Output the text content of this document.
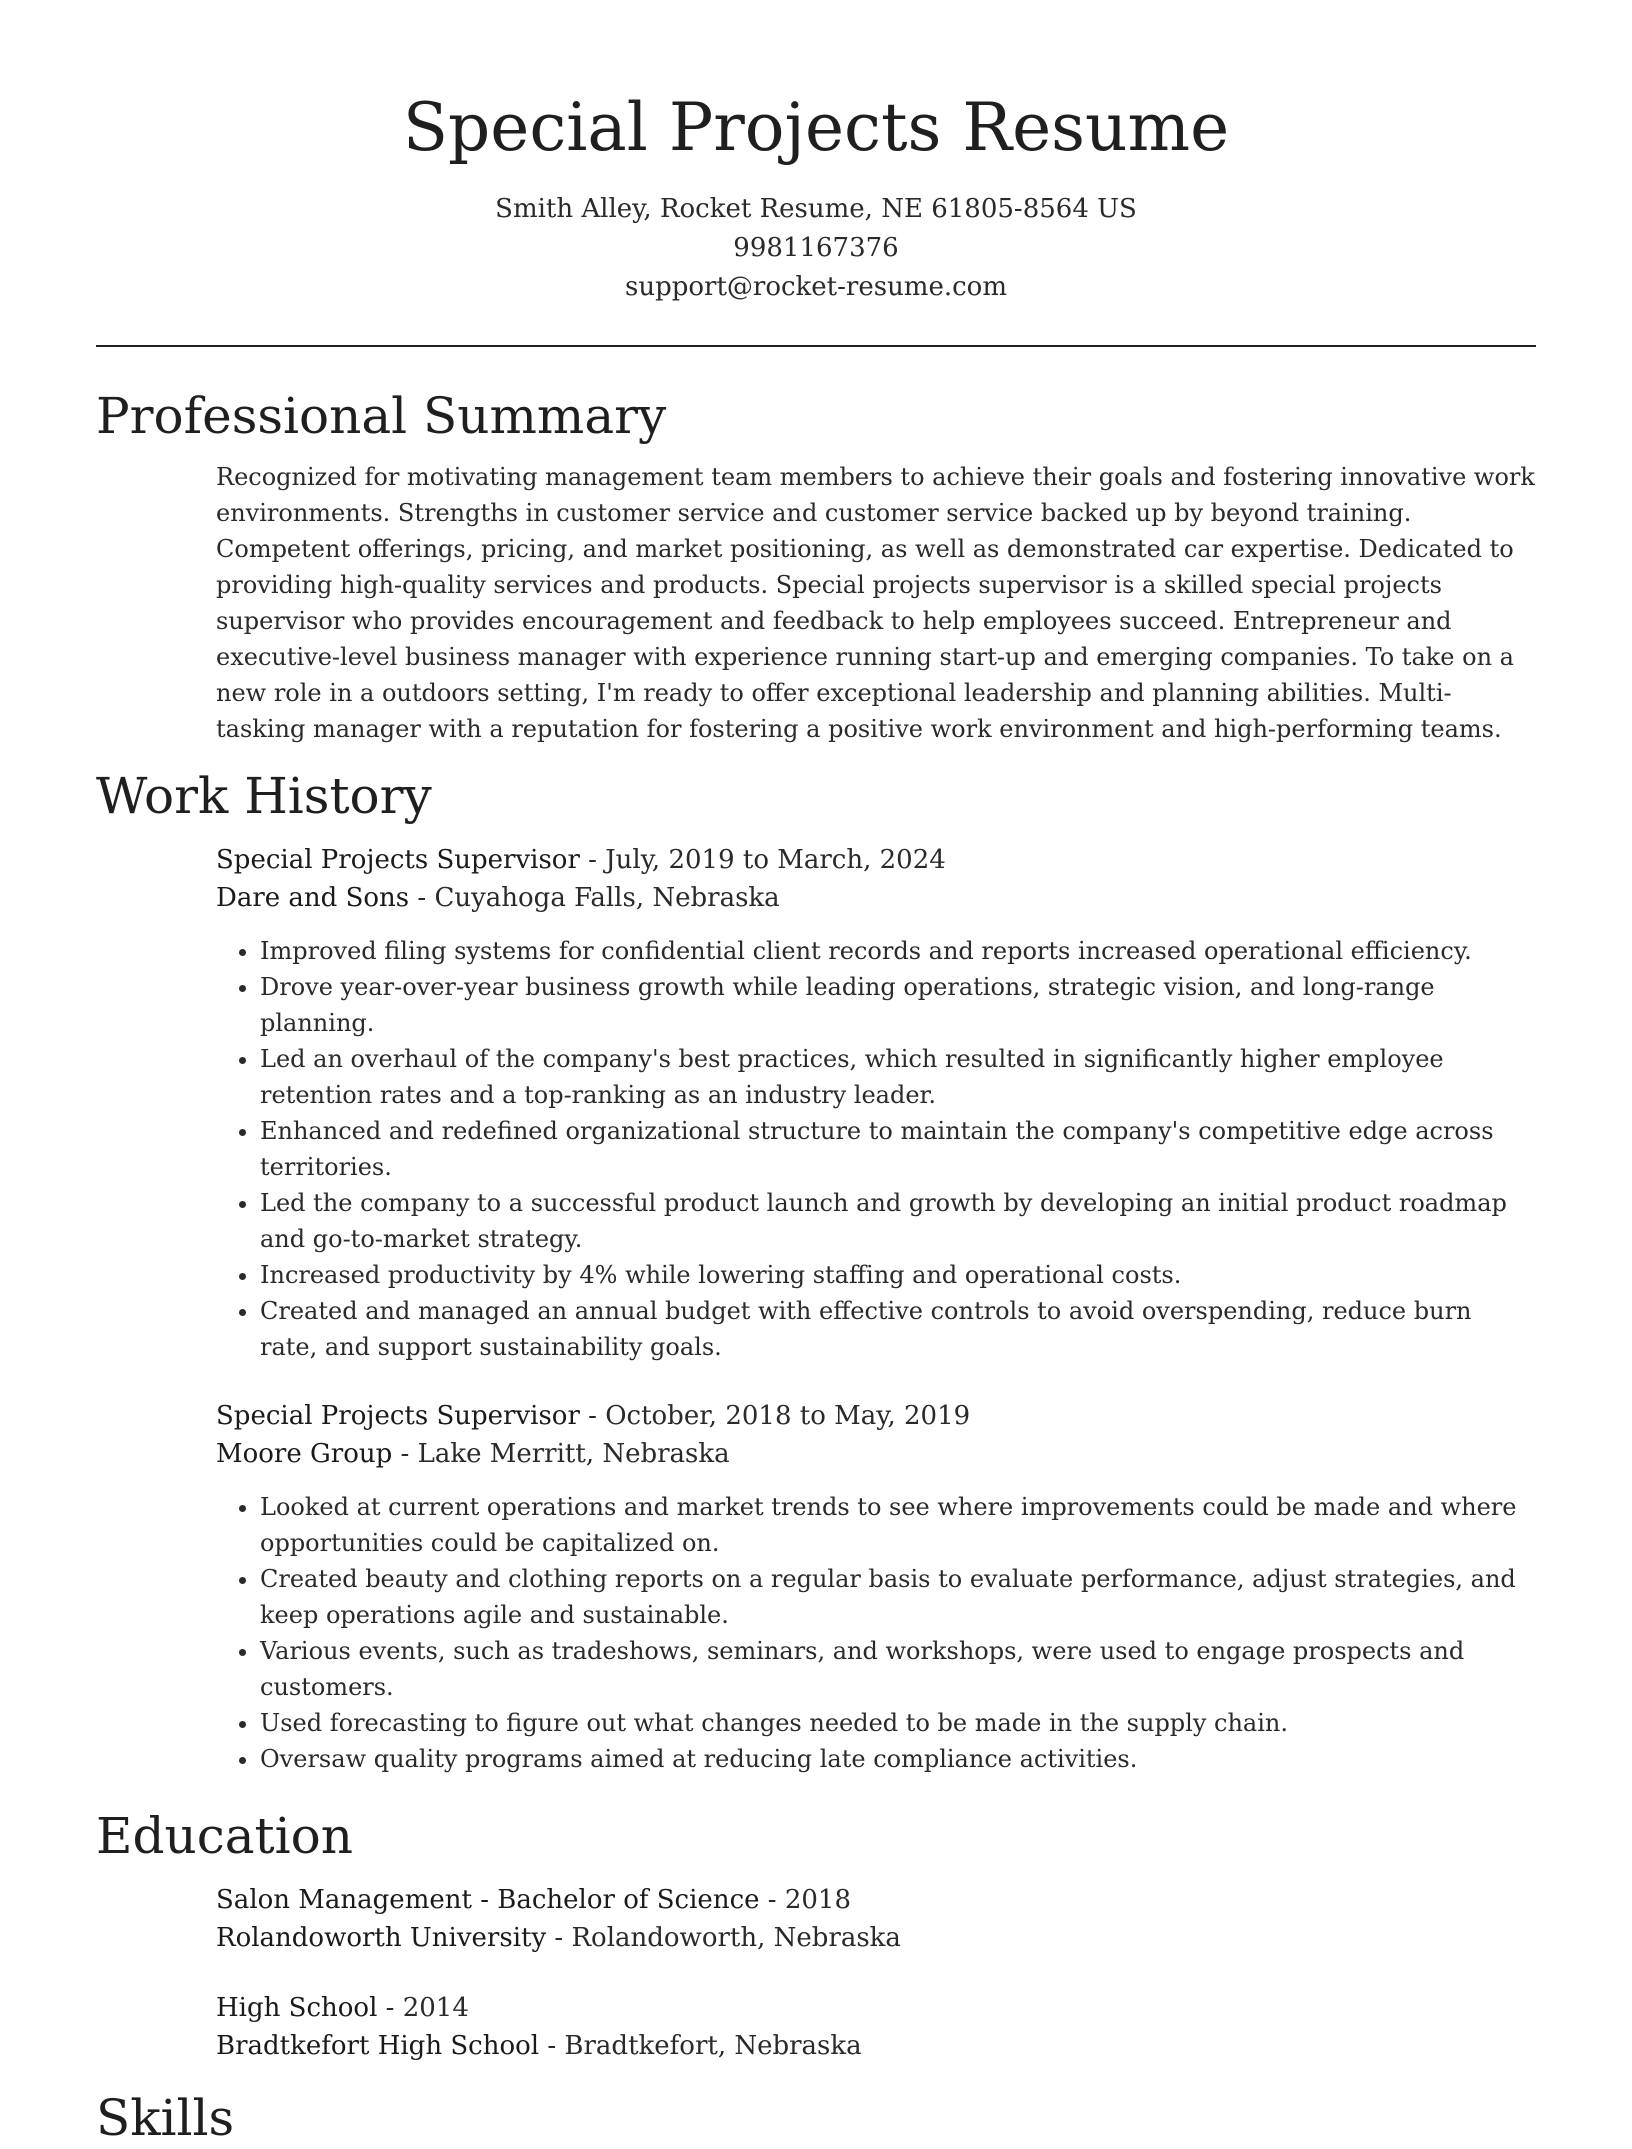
Special Projects Resume
Smith Alley, Rocket Resume, NE 61805-8564 US
9981167376
support@rocket-resume.com
Professional Summary
Recognized for motivating management team members to achieve their goals and fostering innovative work environments. Strengths in customer service and customer service backed up by beyond training. Competent offerings, pricing, and market positioning, as well as demonstrated car expertise. Dedicated to providing high-quality services and products. Special projects supervisor is a skilled special projects supervisor who provides encouragement and feedback to help employees succeed. Entrepreneur and executive-level business manager with experience running start-up and emerging companies. To take on a new role in a outdoors setting, I'm ready to offer exceptional leadership and planning abilities. Multi-tasking manager with a reputation for fostering a positive work environment and high-performing teams.
Work History
Special Projects Supervisor - July, 2019 to March, 2024
Dare and Sons - Cuyahoga Falls, Nebraska
• Improved filing systems for confidential client records and reports increased operational efficiency.
• Drove year-over-year business growth while leading operations, strategic vision, and long-range planning.
• Led an overhaul of the company's best practices, which resulted in significantly higher employee retention rates and a top-ranking as an industry leader.
• Enhanced and redefined organizational structure to maintain the company's competitive edge across territories.
• Led the company to a successful product launch and growth by developing an initial product roadmap and go-to-market strategy.
• Increased productivity by 4% while lowering staffing and operational costs.
• Created and managed an annual budget with effective controls to avoid overspending, reduce burn rate, and support sustainability goals.
Special Projects Supervisor - October, 2018 to May, 2019
Moore Group - Lake Merritt, Nebraska
• Looked at current operations and market trends to see where improvements could be made and where opportunities could be capitalized on.
• Created beauty and clothing reports on a regular basis to evaluate performance, adjust strategies, and keep operations agile and sustainable.
• Various events, such as tradeshows, seminars, and workshops, were used to engage prospects and customers.
• Used forecasting to figure out what changes needed to be made in the supply chain.
• Oversaw quality programs aimed at reducing late compliance activities.
Education
Salon Management - Bachelor of Science - 2018
Rolandoworth University - Rolandoworth, Nebraska
High School - 2014
Bradtkefort High School - Bradtkefort, Nebraska
Skills
